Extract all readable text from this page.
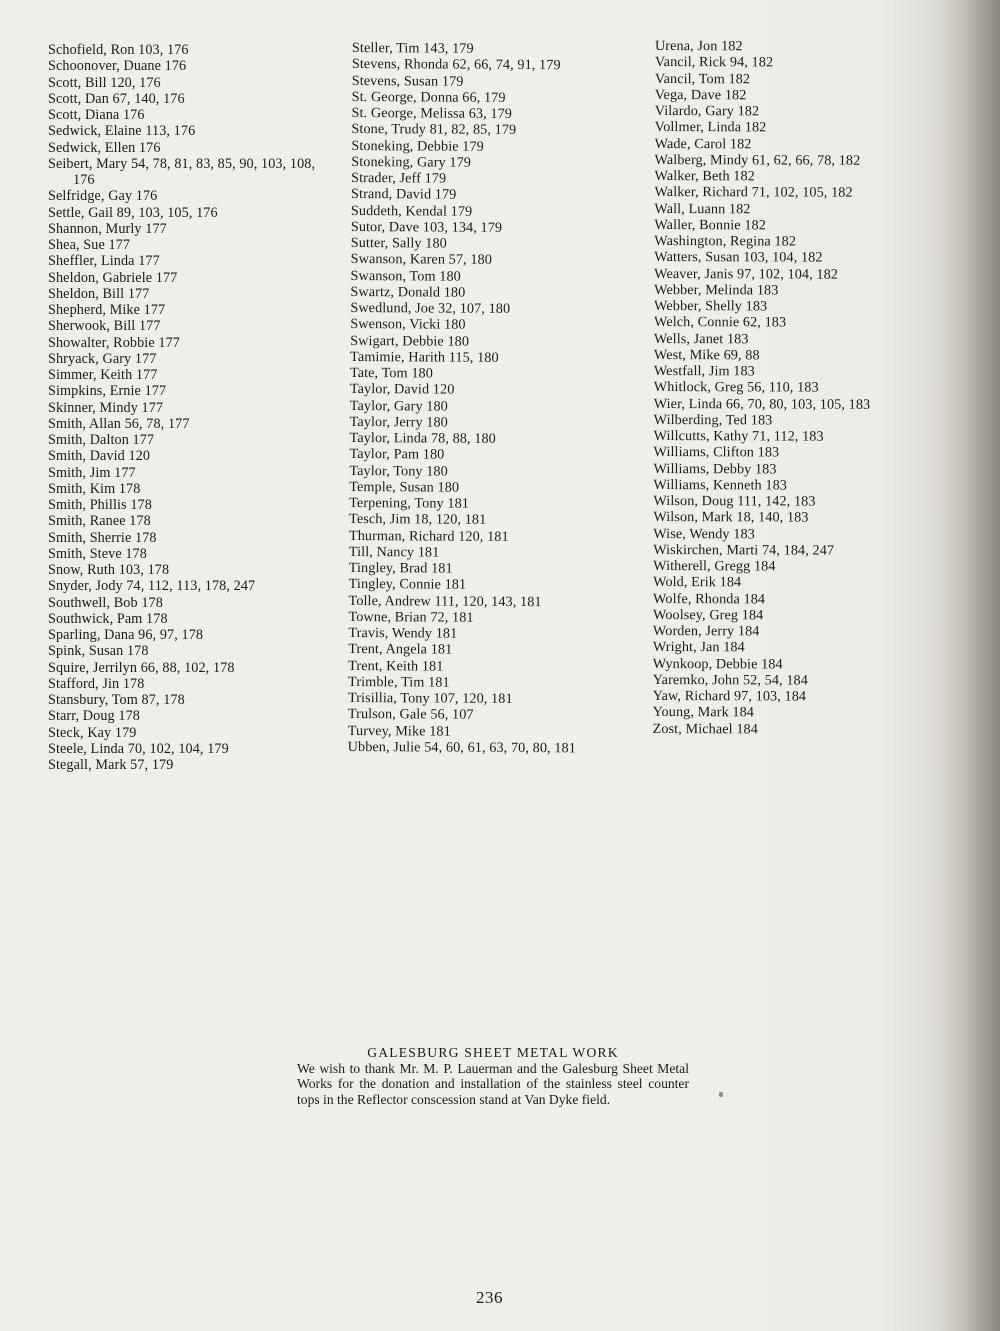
Schofield, Ron 103, 176
Schoonover, Duane 176
Scott, Bill 120, 176
Scott, Dan 67, 140, 176
Scott, Diana 176
Sedwick, Elaine 113, 176
Sedwick, Ellen 176
Seibert, Mary 54, 78, 81, 83, 85, 90, 103, 108, 176
Selfridge, Gay 176
Settle, Gail 89, 103, 105, 176
Shannon, Murly 177
Shea, Sue 177
Sheffler, Linda 177
Sheldon, Gabriele 177
Sheldon, Bill 177
Shepherd, Mike 177
Sherwook, Bill 177
Showalter, Robbie 177
Shryack, Gary 177
Simmer, Keith 177
Simpkins, Ernie 177
Skinner, Mindy 177
Smith, Allan 56, 78, 177
Smith, Dalton 177
Smith, David 120
Smith, Jim 177
Smith, Kim 178
Smith, Phillis 178
Smith, Ranee 178
Smith, Sherrie 178
Smith, Steve 178
Snow, Ruth 103, 178
Snyder, Jody 74, 112, 113, 178, 247
Southwell, Bob 178
Southwick, Pam 178
Sparling, Dana 96, 97, 178
Spink, Susan 178
Squire, Jerrilyn 66, 88, 102, 178
Stafford, Jin 178
Stansbury, Tom 87, 178
Starr, Doug 178
Steck, Kay 179
Steele, Linda 70, 102, 104, 179
Stegall, Mark 57, 179
Steller, Tim 143, 179
Stevens, Rhonda 62, 66, 74, 91, 179
Stevens, Susan 179
St. George, Donna 66, 179
St. George, Melissa 63, 179
Stone, Trudy 81, 82, 85, 179
Stoneking, Debbie 179
Stoneking, Gary 179
Strader, Jeff 179
Strand, David 179
Suddeth, Kendal 179
Sutor, Dave 103, 134, 179
Sutter, Sally 180
Swanson, Karen 57, 180
Swanson, Tom 180
Swartz, Donald 180
Swedlund, Joe 32, 107, 180
Swenson, Vicki 180
Swigart, Debbie 180
Tamimie, Harith 115, 180
Tate, Tom 180
Taylor, David 120
Taylor, Gary 180
Taylor, Jerry 180
Taylor, Linda 78, 88, 180
Taylor, Pam 180
Taylor, Tony 180
Temple, Susan 180
Terpening, Tony 181
Tesch, Jim 18, 120, 181
Thurman, Richard 120, 181
Till, Nancy 181
Tingley, Brad 181
Tingley, Connie 181
Tolle, Andrew 111, 120, 143, 181
Towne, Brian 72, 181
Travis, Wendy 181
Trent, Angela 181
Trent, Keith 181
Trimble, Tim 181
Trisillia, Tony 107, 120, 181
Trulson, Gale 56, 107
Turvey, Mike 181
Ubben, Julie 54, 60, 61, 63, 70, 80, 181
Urena, Jon 182
Vancil, Rick 94, 182
Vancil, Tom 182
Vega, Dave 182
Vilardo, Gary 182
Vollmer, Linda 182
Wade, Carol 182
Walberg, Mindy 61, 62, 66, 78, 182
Walker, Beth 182
Walker, Richard 71, 102, 105, 182
Wall, Luann 182
Waller, Bonnie 182
Washington, Regina 182
Watters, Susan 103, 104, 182
Weaver, Janis 97, 102, 104, 182
Webber, Melinda 183
Webber, Shelly 183
Welch, Connie 62, 183
Wells, Janet 183
West, Mike 69, 88
Westfall, Jim 183
Whitlock, Greg 56, 110, 183
Wier, Linda 66, 70, 80, 103, 105, 183
Wilberding, Ted 183
Willcutts, Kathy 71, 112, 183
Williams, Clifton 183
Williams, Debby 183
Williams, Kenneth 183
Wilson, Doug 111, 142, 183
Wilson, Mark 18, 140, 183
Wise, Wendy 183
Wiskirchen, Marti 74, 184, 247
Witherell, Gregg 184
Wold, Erik 184
Wolfe, Rhonda 184
Woolsey, Greg 184
Worden, Jerry 184
Wright, Jan 184
Wynkoop, Debbie 184
Yaremko, John 52, 54, 184
Yaw, Richard 97, 103, 184
Young, Mark 184
Zost, Michael 184
GALESBURG SHEET METAL WORK
We wish to thank Mr. M. P. Lauerman and the Galesburg Sheet Metal Works for the donation and installation of the stainless steel counter tops in the Reflector conscession stand at Van Dyke field.
236
